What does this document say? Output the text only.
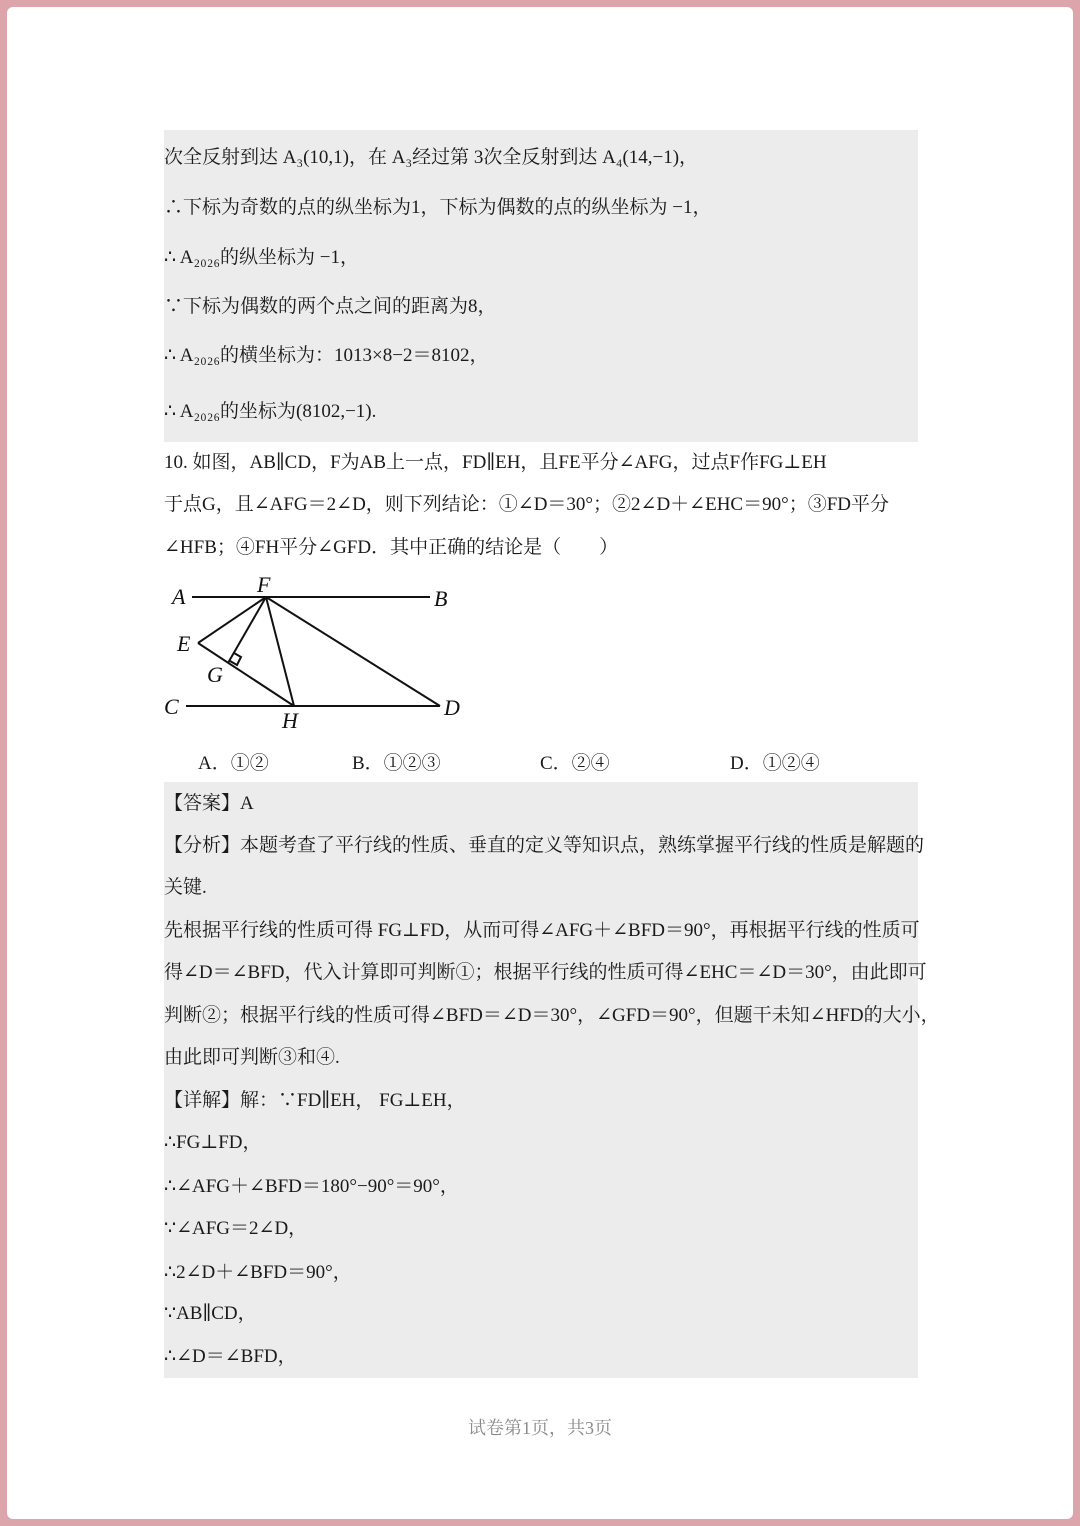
次全反射到达 A₃(10,1)，在 A₃经过第 3次全反射到达 A₄(14,−1)，
∴下标为奇数的点的纵坐标为1，下标为偶数的点的纵坐标为 −1，
∴ A₂₀₂₆的纵坐标为 −1，
∵下标为偶数的两个点之间的距离为8，
∴ A₂₀₂₆的横坐标为：1013×8−2＝8102，
∴ A₂₀₂₆的坐标为(8102,−1).
10. 如图，AB∥CD，F为AB上一点，FD∥EH，且FE平分∠AFG，过点F作FG⊥EH
于点G，且∠AFG＝2∠D，则下列结论：①∠D＝30°；②2∠D＋∠EHC＝90°；③FD平分
∠HFB；④FH平分∠GFD．其中正确的结论是（　　）
A	F
B
E
G
C
H
D
A．①②	B．①②③	C．②④	D．①②④
【答案】A
【分析】本题考查了平行线的性质、垂直的定义等知识点，熟练掌握平行线的性质是解题的
关键.
先根据平行线的性质可得 FG⊥FD，从而可得∠AFG＋∠BFD＝90°，再根据平行线的性质可
得∠D＝∠BFD，代入计算即可判断①；根据平行线的性质可得∠EHC＝∠D＝30°，由此即可
判断②；根据平行线的性质可得∠BFD＝∠D＝30°，∠GFD＝90°，但题干未知∠HFD的大小，
由此即可判断③和④.
【详解】解：∵FD∥EH， FG⊥EH，
∴FG⊥FD，
∴∠AFG＋∠BFD＝180°−90°＝90°，
∵∠AFG＝2∠D，
∴2∠D＋∠BFD＝90°，
∵AB∥CD，
∴∠D＝∠BFD，
试卷第1页，共3页
